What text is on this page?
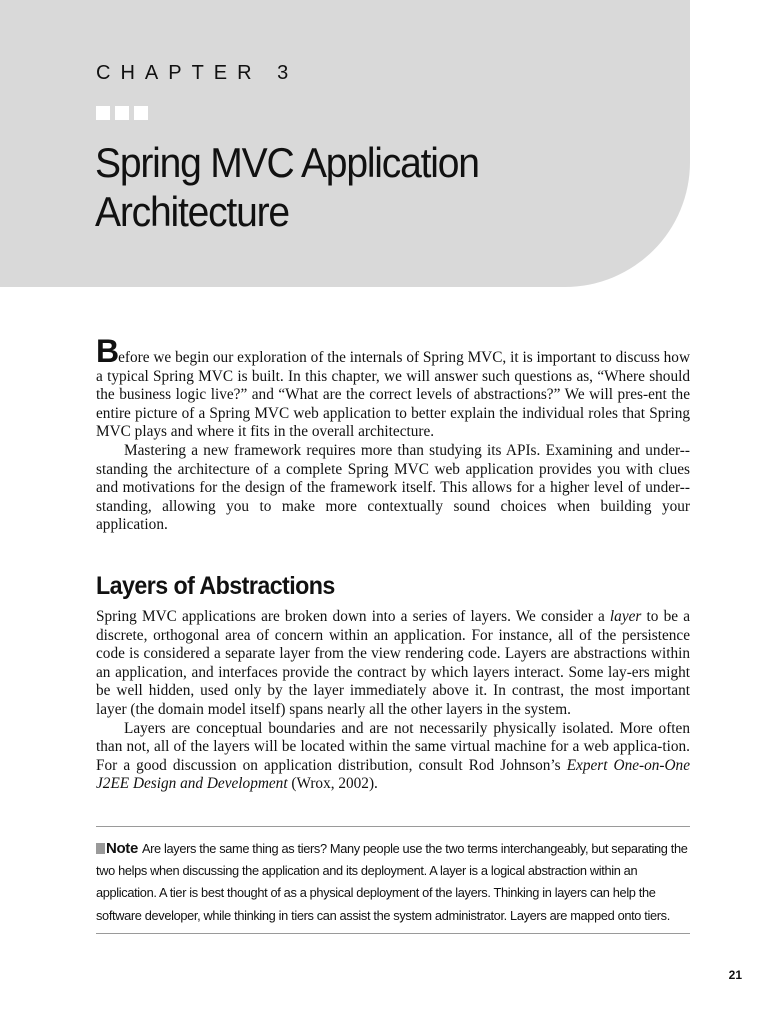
CHAPTER 3
Spring MVC Application Architecture

Before we begin our exploration of the internals of Spring MVC, it is important to discuss how a typical Spring MVC is built. In this chapter, we will answer such questions as, “Where should the business logic live?” and “What are the correct levels of abstractions?” We will pres-ent the entire picture of a Spring MVC web application to better explain the individual roles that Spring MVC plays and where it fits in the overall architecture.

Mastering a new framework requires more than studying its APIs. Examining and under-standing the architecture of a complete Spring MVC web application provides you with clues and motivations for the design of the framework itself. This allows for a higher level of under-standing, allowing you to make more contextually sound choices when building your application.

Layers of Abstractions

Spring MVC applications are broken down into a series of layers. We consider a layer to be a discrete, orthogonal area of concern within an application. For instance, all of the persistence code is considered a separate layer from the view rendering code. Layers are abstractions within an application, and interfaces provide the contract by which layers interact. Some lay-ers might be well hidden, used only by the layer immediately above it. In contrast, the most important layer (the domain model itself) spans nearly all the other layers in the system.

Layers are conceptual boundaries and are not necessarily physically isolated. More often than not, all of the layers will be located within the same virtual machine for a web applica-tion. For a good discussion on application distribution, consult Rod Johnson’s Expert One-on-One J2EE Design and Development (Wrox, 2002).

Note Are layers the same thing as tiers? Many people use the two terms interchangeably, but separating the two helps when discussing the application and its deployment. A layer is a logical abstraction within an application. A tier is best thought of as a physical deployment of the layers. Thinking in layers can help the software developer, while thinking in tiers can assist the system administrator. Layers are mapped onto tiers.
21
